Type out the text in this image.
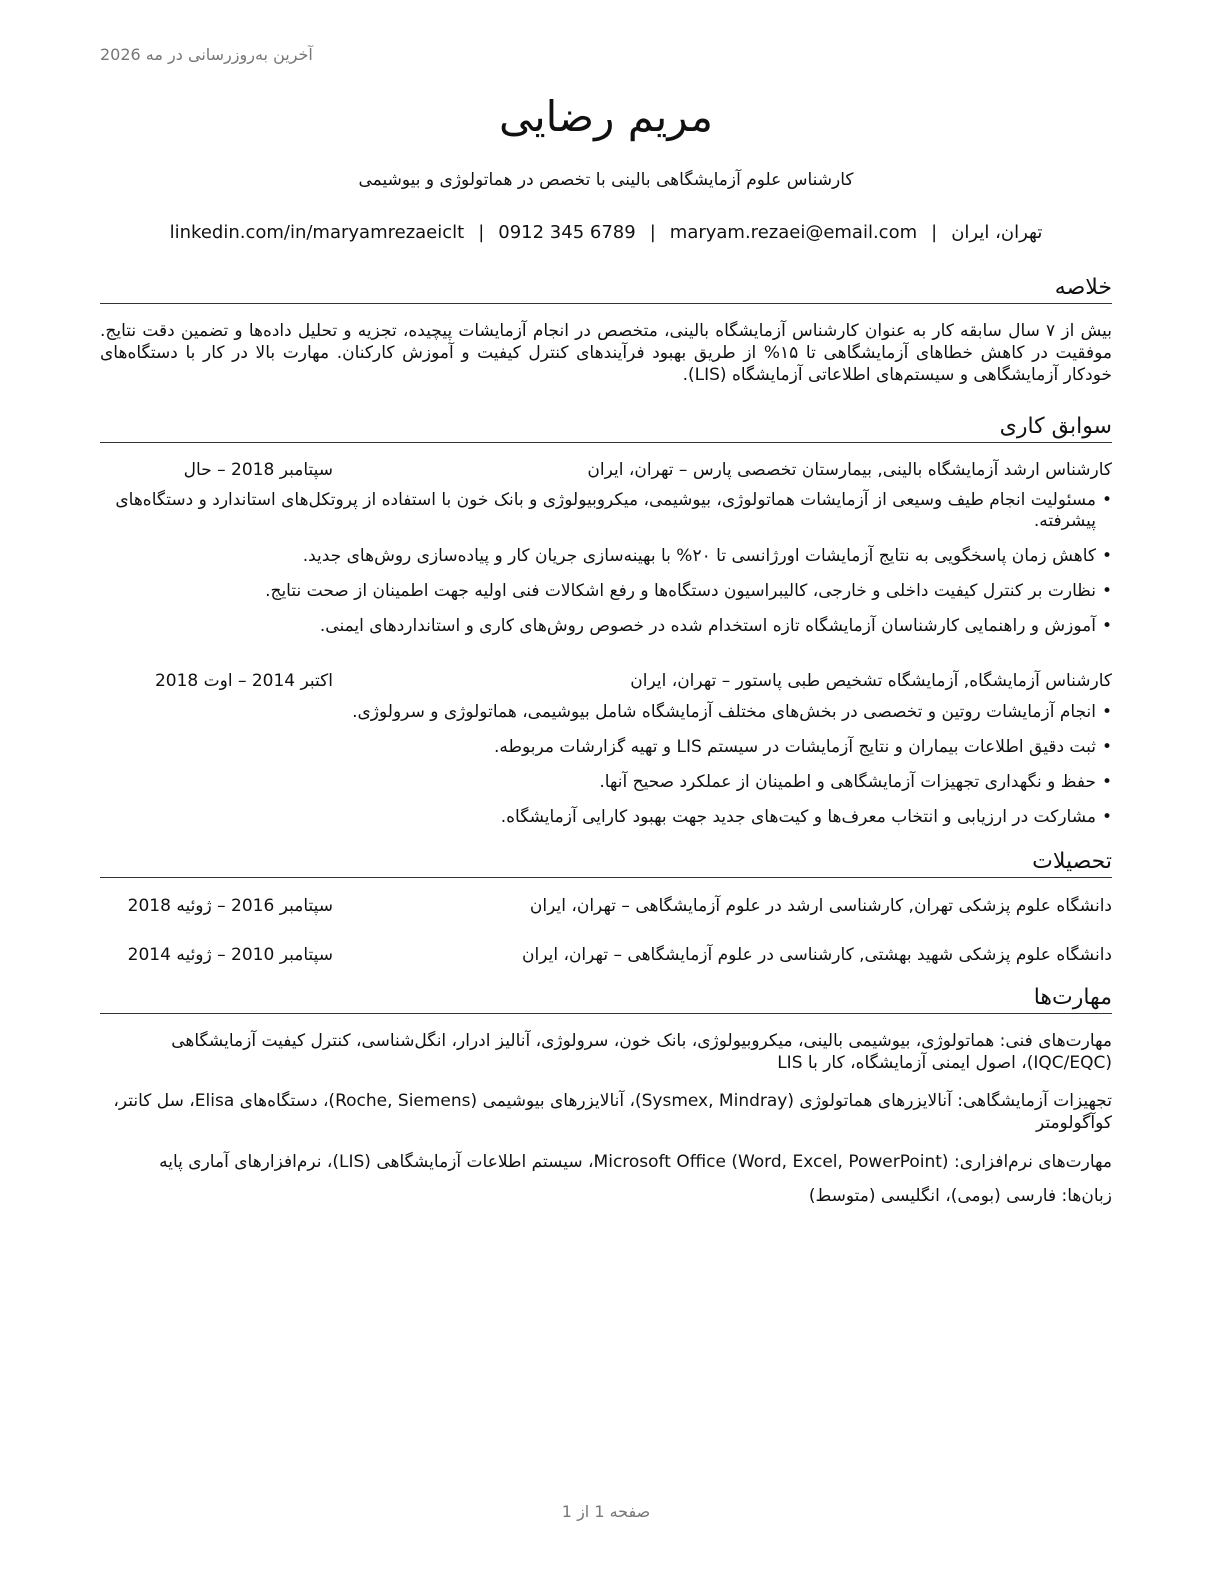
آخرین به‌روزرسانی در مه 2026
مریم رضایی
کارشناس علوم آزمایشگاهی بالینی با تخصص در هماتولوژی و بیوشیمی
تهران، ایران|maryam.rezaei@email.com|0912 345 6789|linkedin.com/in/maryamrezaeiclt
خلاصه
بیش از ۷ سال سابقه کار به عنوان کارشناس آزمایشگاه بالینی، متخصص در انجام آزمایشات پیچیده، تجزیه و تحلیل داده‌ها و تضمین دقت نتایج. موفقیت در کاهش خطاهای آزمایشگاهی تا ۱۵% از طریق بهبود فرآیندهای کنترل کیفیت و آموزش کارکنان. مهارت بالا در کار با دستگاه‌های خودکار آزمایشگاهی و سیستم‌های اطلاعاتی آزمایشگاه (LIS).
سوابق کاری
کارشناس ارشد آزمایشگاه بالینی, بیمارستان تخصصی پارس – تهران، ایران
سپتامبر 2018 – حال
• مسئولیت انجام طیف وسیعی از آزمایشات هماتولوژی، بیوشیمی، میکروبیولوژی و بانک خون با استفاده از پروتکل‌های استاندارد و دستگاه‌های پیشرفته.
• کاهش زمان پاسخگویی به نتایج آزمایشات اورژانسی تا ۲۰% با بهینه‌سازی جریان کار و پیاده‌سازی روش‌های جدید.
• نظارت بر کنترل کیفیت داخلی و خارجی، کالیبراسیون دستگاه‌ها و رفع اشکالات فنی اولیه جهت اطمینان از صحت نتایج.
• آموزش و راهنمایی کارشناسان آزمایشگاه تازه استخدام شده در خصوص روش‌های کاری و استانداردهای ایمنی.
کارشناس آزمایشگاه, آزمایشگاه تشخیص طبی پاستور – تهران، ایران
اکتبر 2014 – اوت 2018
• انجام آزمایشات روتین و تخصصی در بخش‌های مختلف آزمایشگاه شامل بیوشیمی، هماتولوژی و سرولوژی.
• ثبت دقیق اطلاعات بیماران و نتایج آزمایشات در سیستم LIS و تهیه گزارشات مربوطه.
• حفظ و نگهداری تجهیزات آزمایشگاهی و اطمینان از عملکرد صحیح آنها.
• مشارکت در ارزیابی و انتخاب معرف‌ها و کیت‌های جدید جهت بهبود کارایی آزمایشگاه.
تحصیلات
دانشگاه علوم پزشکی تهران, کارشناسی ارشد در علوم آزمایشگاهی – تهران، ایران
سپتامبر 2016 – ژوئیه 2018
دانشگاه علوم پزشکی شهید بهشتی, کارشناسی در علوم آزمایشگاهی – تهران، ایران
سپتامبر 2010 – ژوئیه 2014
مهارت‌ها
مهارت‌های فنی: هماتولوژی، بیوشیمی بالینی، میکروبیولوژی، بانک خون، سرولوژی، آنالیز ادرار، انگل‌شناسی، کنترل کیفیت آزمایشگاهی (IQC/EQC)، اصول ایمنی آزمایشگاه، کار با LIS
تجهیزات آزمایشگاهی: آنالایزرهای هماتولوژی (Sysmex, Mindray)، آنالایزرهای بیوشیمی (Roche, Siemens)، دستگاه‌های Elisa، سل کانتر، کوآگولومتر
مهارت‌های نرم‌افزاری: Microsoft Office (Word, Excel, PowerPoint)، سیستم اطلاعات آزمایشگاهی (LIS)، نرم‌افزارهای آماری پایه
زبان‌ها: فارسی (بومی)، انگلیسی (متوسط)
صفحه 1 از 1
